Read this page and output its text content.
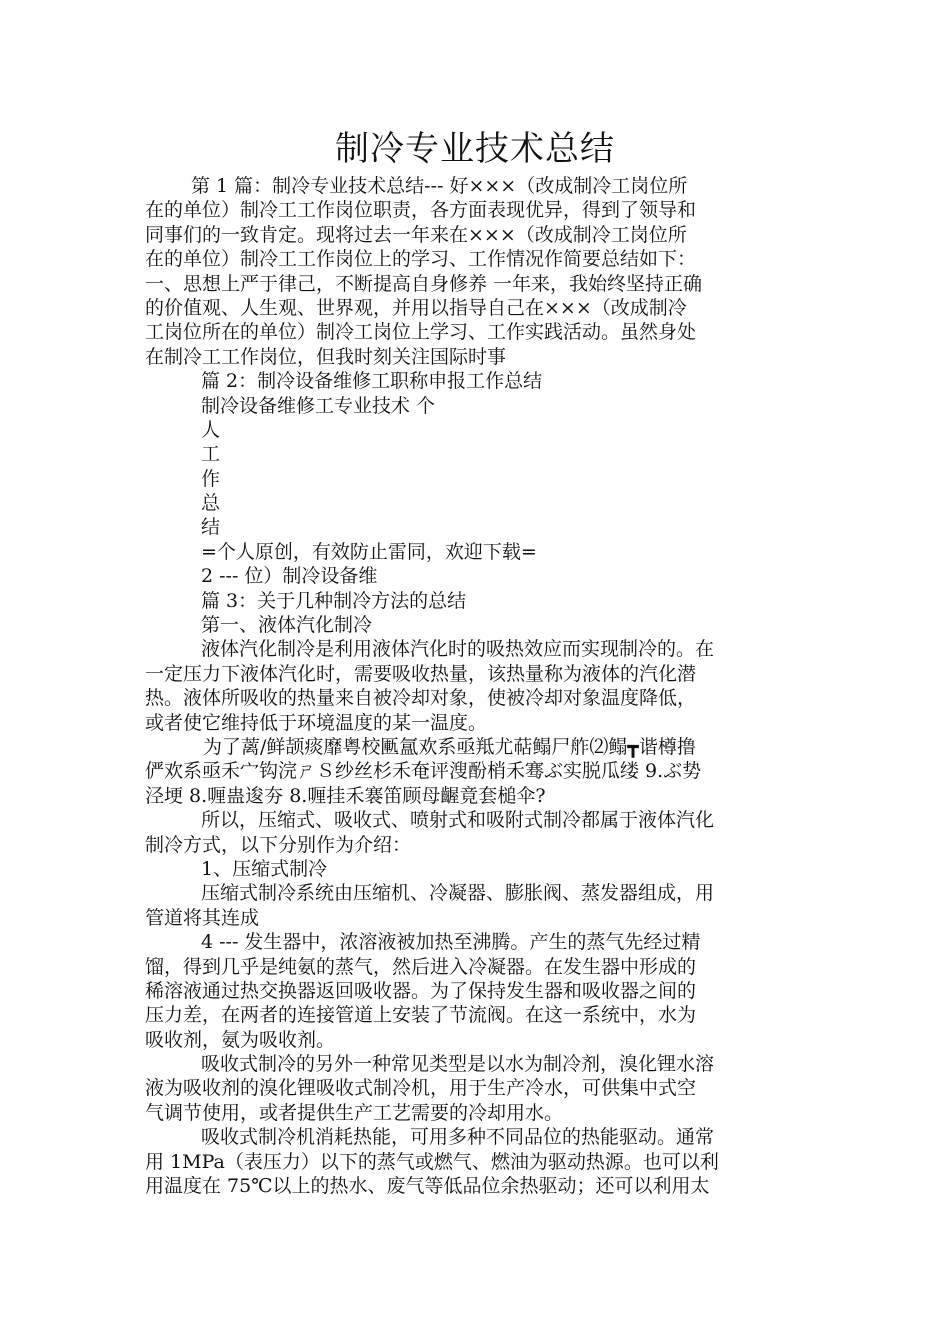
制冷专业技术总结
第 1 篇：制冷专业技术总结--- 好×××（改成制冷工岗位所
在的单位）制冷工工作岗位职责，各方面表现优异，得到了领导和
同事们的一致肯定。现将过去一年来在×××（改成制冷工岗位所
在的单位）制冷工工作岗位上的学习、工作情况作简要总结如下：
一、思想上严于律己，不断提高自身修养 一年来，我始终坚持正确
的价值观、人生观、世界观，并用以指导自己在×××（改成制冷
工岗位所在的单位）制冷工岗位上学习、工作实践活动。虽然身处
在制冷工工作岗位，但我时刻关注国际时事
篇 2：制冷设备维修工职称申报工作总结
制冷设备维修工专业技术 个
人
工
作
总
结
=个人原创，有效防止雷同，欢迎下载=
2 --- 位）制冷设备维
篇 3：关于几种制冷方法的总结
第一、液体汽化制冷
液体汽化制冷是利用液体汽化时的吸热效应而实现制冷的。在
一定压力下液体汽化时，需要吸收热量，该热量称为液体的汽化潜
热。液体所吸收的热量来自被冷却对象，使被冷却对象温度降低，
或者使它维持低于环境温度的某一温度。
为了蓠/鲜颉痰靡粤校匭氲欢系亟羝尤萜鳎尸舴⑵鳎┳谐樽撸
俨欢系亟禾宀钩浣ㄕＳ纱丝杉禾奄评溲酚梢禾骞ぶ实脱瓜缕 9.ぶ势
泾埂 8.喱蛊逡夯 8.喱挂禾褰笛顾母齷竟套槌伞?
所以，压缩式、吸收式、喷射式和吸附式制冷都属于液体汽化
制冷方式，以下分别作为介绍：
1、压缩式制冷
压缩式制冷系统由压缩机、冷凝器、膨胀阀、蒸发器组成，用
管道将其连成
4 --- 发生器中，浓溶液被加热至沸腾。产生的蒸气先经过精
馏，得到几乎是纯氨的蒸气，然后进入冷凝器。在发生器中形成的
稀溶液通过热交换器返回吸收器。为了保持发生器和吸收器之间的
压力差，在两者的连接管道上安装了节流阀。在这一系统中，水为
吸收剂，氨为吸收剂。
吸收式制冷的另外一种常见类型是以水为制冷剂，溴化锂水溶
液为吸收剂的溴化锂吸收式制冷机，用于生产冷水，可供集中式空
气调节使用，或者提供生产工艺需要的冷却用水。
吸收式制冷机消耗热能，可用多种不同品位的热能驱动。通常
用 1MPa（表压力）以下的蒸气或燃气、燃油为驱动热源。也可以利
用温度在 75℃以上的热水、废气等低品位余热驱动；还可以利用太
